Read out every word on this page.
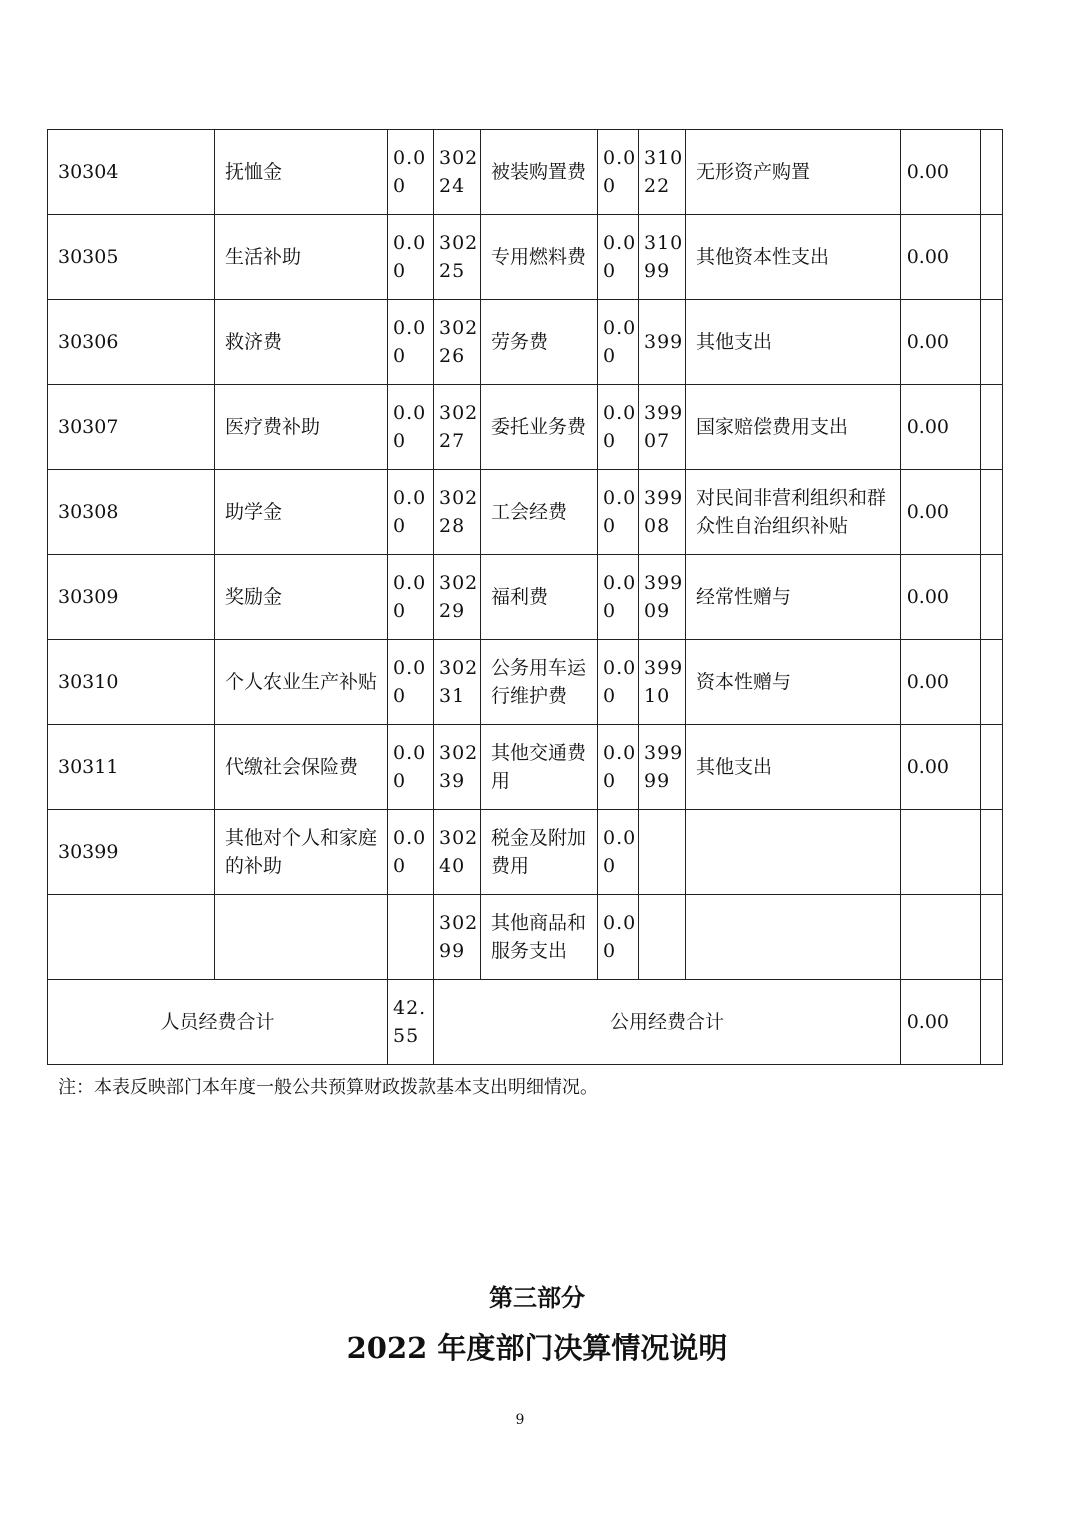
30304	抚恤金	0.00	30224	被装购置费	0.00	31022	无形资产购置	0.00	
30305	生活补助	0.00	30225	专用燃料费	0.00	31099	其他资本性支出	0.00	
30306	救济费	0.00	30226	劳务费	0.00	399	其他支出	0.00	
30307	医疗费补助	0.00	30227	委托业务费	0.00	39907	国家赔偿费用支出	0.00	
30308	助学金	0.00	30228	工会经费	0.00	39908	对民间非营利组织和群众性自治组织补贴	0.00	
30309	奖励金	0.00	30229	福利费	0.00	39909	经常性赠与	0.00	
30310	个人农业生产补贴	0.00	30231	公务用车运行维护费	0.00	39910	资本性赠与	0.00	
30311	代缴社会保险费	0.00	30239	其他交通费用	0.00	39999	其他支出	0.00	
30399	其他对个人和家庭的补助	0.00	30240	税金及附加费用	0.00				
			30299	其他商品和服务支出	0.00				
人员经费合计		42.55	公用经费合计					0.00	
注：本表反映部门本年度一般公共预算财政拨款基本支出明细情况。
第三部分
2022 年度部门决算情况说明
9
